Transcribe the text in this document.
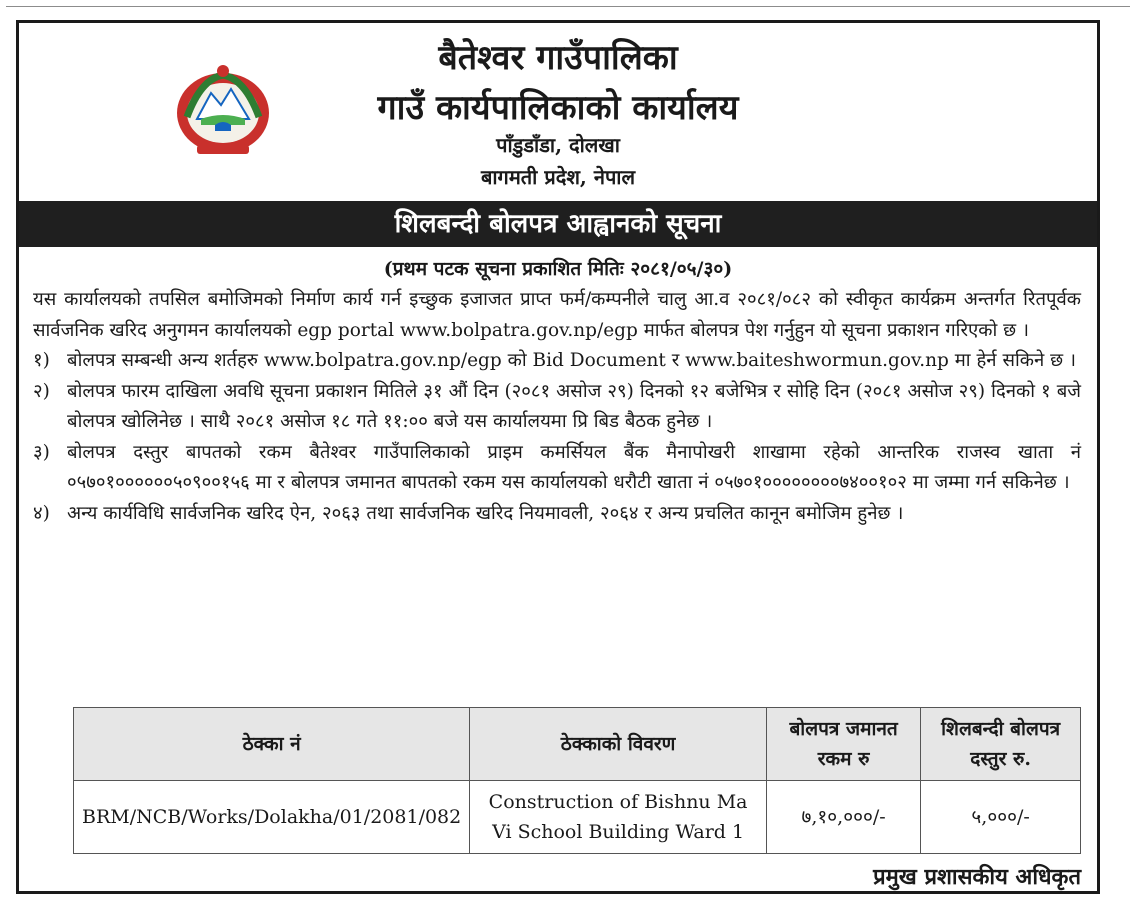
बैतेश्वर गाउँपालिका
गाउँ कार्यपालिकाको कार्यालय
पाँडुडाँडा, दोलखा
बागमती प्रदेश, नेपाल
शिलबन्दी बोलपत्र आह्वानको सूचना
(प्रथम पटक सूचना प्रकाशित मितिः २०८१/०५/३०)

यस कार्यालयको तपसिल बमोजिमको निर्माण कार्य गर्न इच्छुक इजाजत प्राप्त फर्म/कम्पनीले चालु आ.व २०८१/०८२ को स्वीकृत कार्यक्रम अन्तर्गत रितपूर्वक सार्वजनिक खरिद अनुगमन कार्यालयको egp portal www.bolpatra.gov.np/egp मार्फत बोलपत्र पेश गर्नुहुन यो सूचना प्रकाशन गरिएको छ ।

१) बोलपत्र सम्बन्धी अन्य शर्तहरु www.bolpatra.gov.np/egp को Bid Document र www.baiteshwormun.gov.np मा हेर्न सकिने छ ।
२) बोलपत्र फारम दाखिला अवधि सूचना प्रकाशन मितिले ३१ औं दिन (२०८१ असोज २९) दिनको १२ बजेभित्र र सोहि दिन (२०८१ असोज २९) दिनको १ बजे बोलपत्र खोलिनेछ । साथै २०८१ असोज १८ गते ११:०० बजे यस कार्यालयमा प्रि बिड बैठक हुनेछ ।
३) बोलपत्र दस्तुर बापतको रकम बैतेश्वर गाउँपालिकाको प्राइम कमर्सियल बैंक मैनापोखरी शाखामा रहेको आन्तरिक राजस्व खाता नं ०५७०१००००००५०९००१५६ मा र बोलपत्र जमानत बापतको रकम यस कार्यालयको धरौटी खाता नं ०५७०१००००००००७४००१०२ मा जम्मा गर्न सकिनेछ ।
४) अन्य कार्यविधि सार्वजनिक खरिद ऐन, २०६३ तथा सार्वजनिक खरिद नियमावली, २०६४ र अन्य प्रचलित कानून बमोजिम हुनेछ ।
ठेक्का नं	ठेक्काको विवरण	बोलपत्र जमानत रकम रु	शिलबन्दी बोलपत्र दस्तुर रु.
BRM/NCB/Works/Dolakha/01/2081/082	Construction of Bishnu Ma Vi School Building Ward 1	७,१०,०००/-	५,०००/-
प्रमुख प्रशासकीय अधिकृत
